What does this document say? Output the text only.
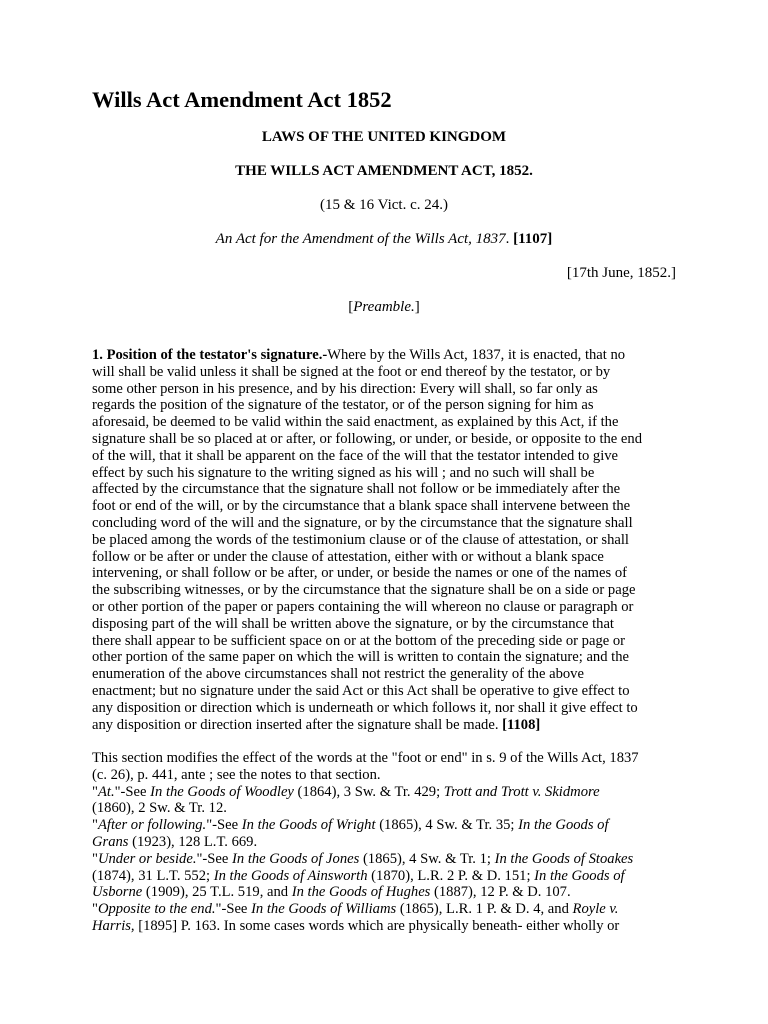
Wills Act Amendment Act 1852
LAWS OF THE UNITED KINGDOM
THE WILLS ACT AMENDMENT ACT, 1852.
(15 & 16 Vict. c. 24.)
An Act for the Amendment of the Wills Act, 1837. [1107]
[17th June, 1852.]
[Preamble.]
1. Position of the testator's signature.-Where by the Wills Act, 1837, it is enacted, that no
will shall be valid unless it shall be signed at the foot or end thereof by the testator, or by
some other person in his presence, and by his direction: Every will shall, so far only as
regards the position of the signature of the testator, or of the person signing for him as
aforesaid, be deemed to be valid within the said enactment, as explained by this Act, if the
signature shall be so placed at or after, or following, or under, or beside, or opposite to the end
of the will, that it shall be apparent on the face of the will that the testator intended to give
effect by such his signature to the writing signed as his will ; and no such will shall be
affected by the circumstance that the signature shall not follow or be immediately after the
foot or end of the will, or by the circumstance that a blank space shall intervene between the
concluding word of the will and the signature, or by the circumstance that the signature shall
be placed among the words of the testimonium clause or of the clause of attestation, or shall
follow or be after or under the clause of attestation, either with or without a blank space
intervening, or shall follow or be after, or under, or beside the names or one of the names of
the subscribing witnesses, or by the circumstance that the signature shall be on a side or page
or other portion of the paper or papers containing the will whereon no clause or paragraph or
disposing part of the will shall be written above the signature, or by the circumstance that
there shall appear to be sufficient space on or at the bottom of the preceding side or page or
other portion of the same paper on which the will is written to contain the signature; and the
enumeration of the above circumstances shall not restrict the generality of the above
enactment; but no signature under the said Act or this Act shall be operative to give effect to
any disposition or direction which is underneath or which follows it, nor shall it give effect to
any disposition or direction inserted after the signature shall be made. [1108]
This section modifies the effect of the words at the "foot or end" in s. 9 of the Wills Act, 1837
(c. 26), p. 441, ante ; see the notes to that section.
"At."-See In the Goods of Woodley (1864), 3 Sw. & Tr. 429; Trott and Trott v. Skidmore
(1860), 2 Sw. & Tr. 12.
"After or following."-See In the Goods of Wright (1865), 4 Sw. & Tr. 35; In the Goods of
Grans (1923), 128 L.T. 669.
"Under or beside."-See In the Goods of Jones (1865), 4 Sw. & Tr. 1; In the Goods of Stoakes
(1874), 31 L.T. 552; In the Goods of Ainsworth (1870), L.R. 2 P. & D. 151; In the Goods of
Usborne (1909), 25 T.L. 519, and In the Goods of Hughes (1887), 12 P. & D. 107.
"Opposite to the end."-See In the Goods of Williams (1865), L.R. 1 P. & D. 4, and Royle v.
Harris, [1895] P. 163. In some cases words which are physically beneath- either wholly or
